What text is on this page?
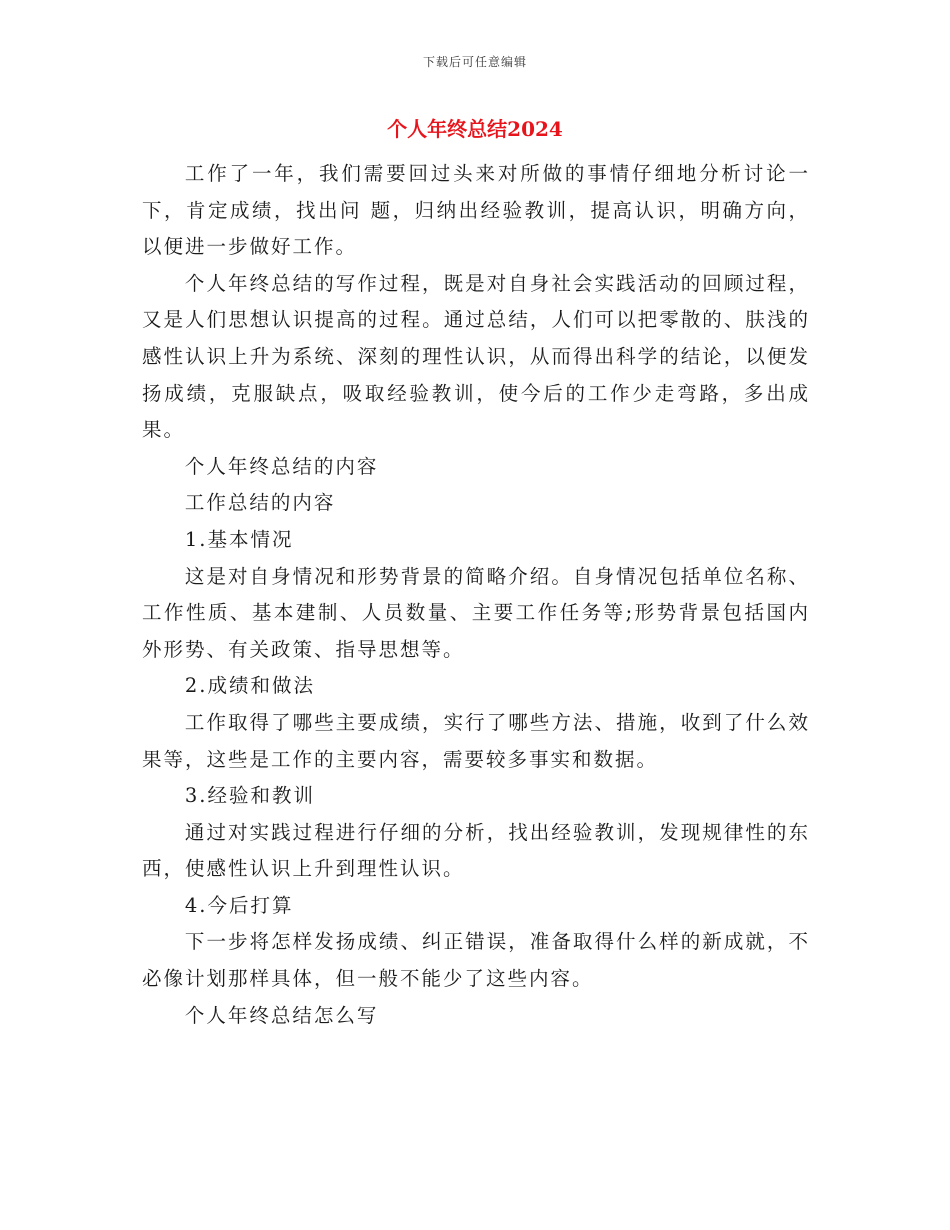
下载后可任意编辑
个人年终总结2024

工作了一年，我们需要回过头来对所做的事情仔细地分析讨论一下，肯定成绩，找出问 题，归纳出经验教训，提高认识，明确方向，以便进一步做好工作。

个人年终总结的写作过程，既是对自身社会实践活动的回顾过程，又是人们思想认识提高的过程。通过总结，人们可以把零散的、肤浅的感性认识上升为系统、深刻的理性认识，从而得出科学的结论，以便发扬成绩，克服缺点，吸取经验教训，使今后的工作少走弯路，多出成果。

个人年终总结的内容

工作总结的内容

1.基本情况

这是对自身情况和形势背景的简略介绍。自身情况包括单位名称、工作性质、基本建制、人员数量、主要工作任务等;形势背景包括国内外形势、有关政策、指导思想等。

2.成绩和做法

工作取得了哪些主要成绩，实行了哪些方法、措施，收到了什么效果等，这些是工作的主要内容，需要较多事实和数据。

3.经验和教训

通过对实践过程进行仔细的分析，找出经验教训，发现规律性的东西，使感性认识上升到理性认识。

4.今后打算

下一步将怎样发扬成绩、纠正错误，准备取得什么样的新成就，不必像计划那样具体，但一般不能少了这些内容。

个人年终总结怎么写
